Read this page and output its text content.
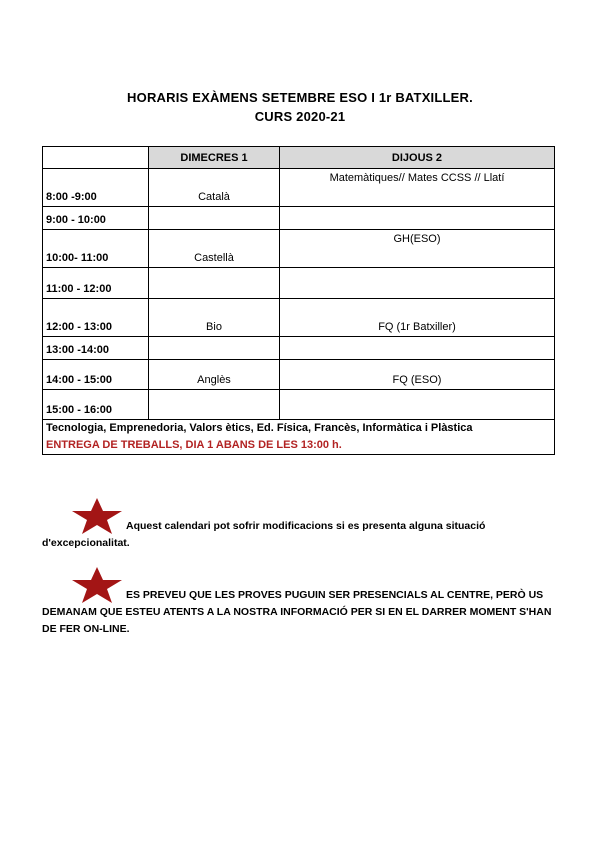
HORARIS EXÀMENS SETEMBRE ESO I 1r BATXILLER.
CURS 2020-21
	DIMECRES 1	DIJOUS 2
8:00 -9:00	Català	Matemàtiques// Mates CCSS // Llatí
9:00 - 10:00		
10:00- 11:00	Castellà	GH(ESO)
11:00 - 12:00		
12:00 - 13:00	Bio	FQ (1r Batxiller)
13:00 -14:00		
14:00 - 15:00	Anglès	FQ (ESO)
15:00 - 16:00		

Tecnologia, Emprenedoria, Valors ètics, Ed. Física, Francès, Informàtica i Plàstica
ENTREGA DE TREBALLS, DIA 1 ABANS DE LES 13:00 h.		
Aquest calendari pot sofrir modificacions si es presenta alguna situació d'excepcionalitat.
ES PREVEU QUE LES PROVES PUGUIN SER PRESENCIALS AL CENTRE, PERÒ US DEMANAM QUE ESTEU ATENTS A LA NOSTRA INFORMACIÓ PER SI EN EL DARRER MOMENT S'HAN DE FER ON-LINE.
